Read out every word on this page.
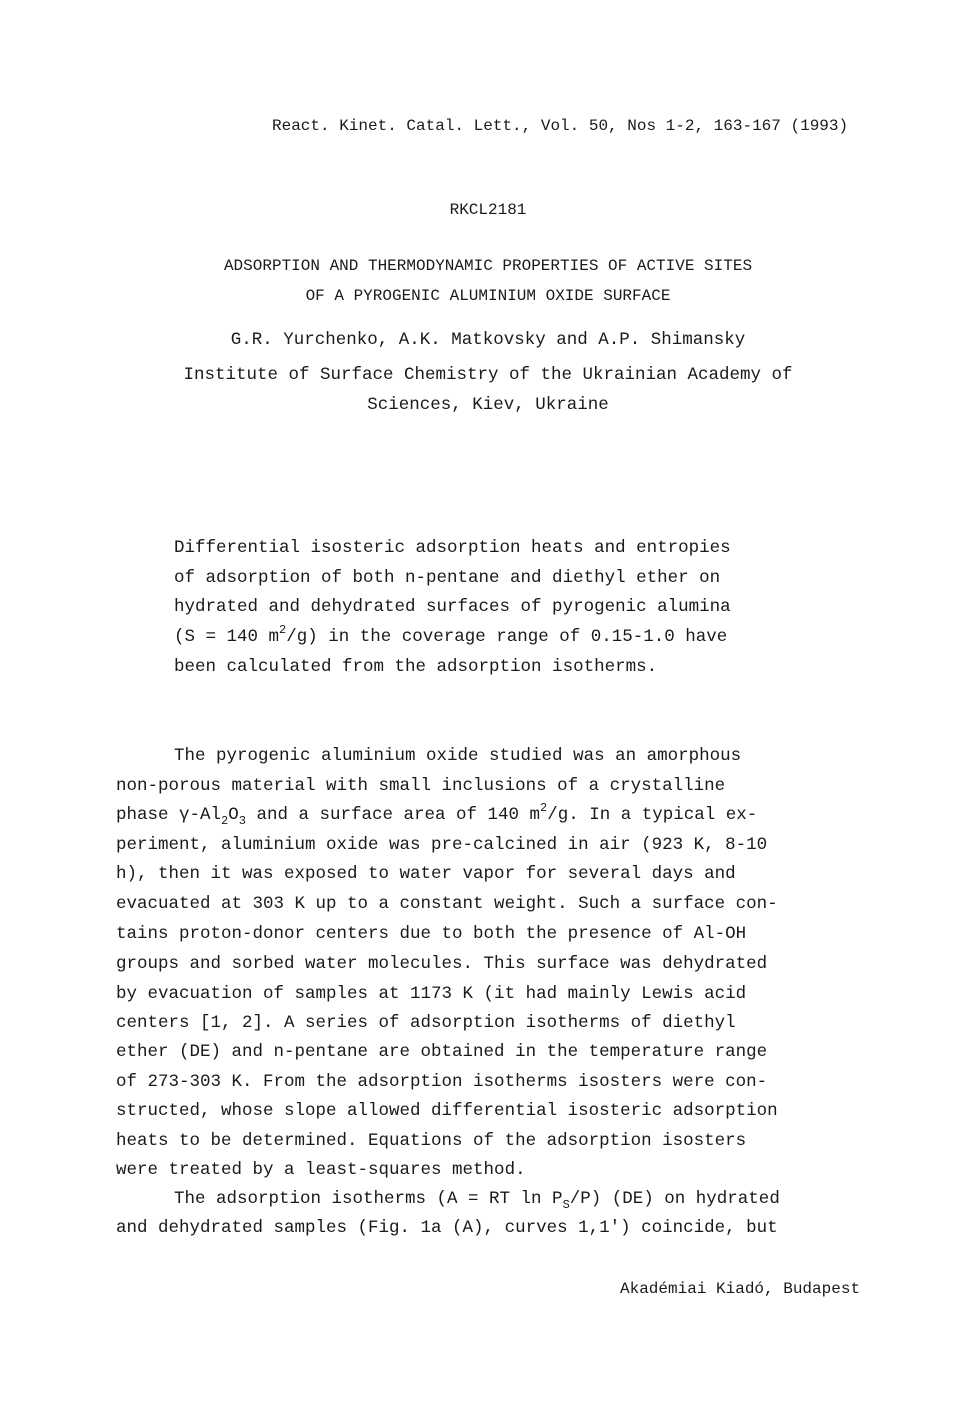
React. Kinet. Catal. Lett., Vol. 50, Nos 1-2, 163-167 (1993)
RKCL2181
ADSORPTION AND THERMODYNAMIC PROPERTIES OF ACTIVE SITES
OF A PYROGENIC ALUMINIUM OXIDE SURFACE
G.R. Yurchenko, A.K. Matkovsky and A.P. Shimansky
Institute of Surface Chemistry of the Ukrainian Academy of
Sciences, Kiev, Ukraine
Differential isosteric adsorption heats and entropies
of adsorption of both n-pentane and diethyl ether on
hydrated and dehydrated surfaces of pyrogenic alumina
(S = 140 $m^2/g$) in the coverage range of 0.15-1.0 have
been calculated from the adsorption isotherms.
The pyrogenic aluminium oxide studied was an amorphous
non-porous material with small inclusions of a crystalline
phase $\gamma-Al_2O_3$ and a surface area of 140 $m^2/g$. In a typical ex-
periment, aluminium oxide was pre-calcined in air (923 K, 8-10
h), then it was exposed to water vapor for several days and
evacuated at 303 K up to a constant weight. Such a surface con-
tains proton-donor centers due to both the presence of Al-OH
groups and sorbed water molecules. This surface was dehydrated
by evacuation of samples at 1173 K (it had mainly Lewis acid
centers [1, 2]. A series of adsorption isotherms of diethyl
ether (DE) and n-pentane are obtained in the temperature range
of 273-303 K. From the adsorption isotherms isosters were con-
structed, whose slope allowed differential isosteric adsorption
heats to be determined. Equations of the adsorption isosters
were treated by a least-squares method.
The adsorption isotherms (A = RT $\ln P_S/P$) (DE) on hydrated
and dehydrated samples (Fig. 1a (A), curves 1,1') coincide, but
Akadémiai Kiadó, Budapest
